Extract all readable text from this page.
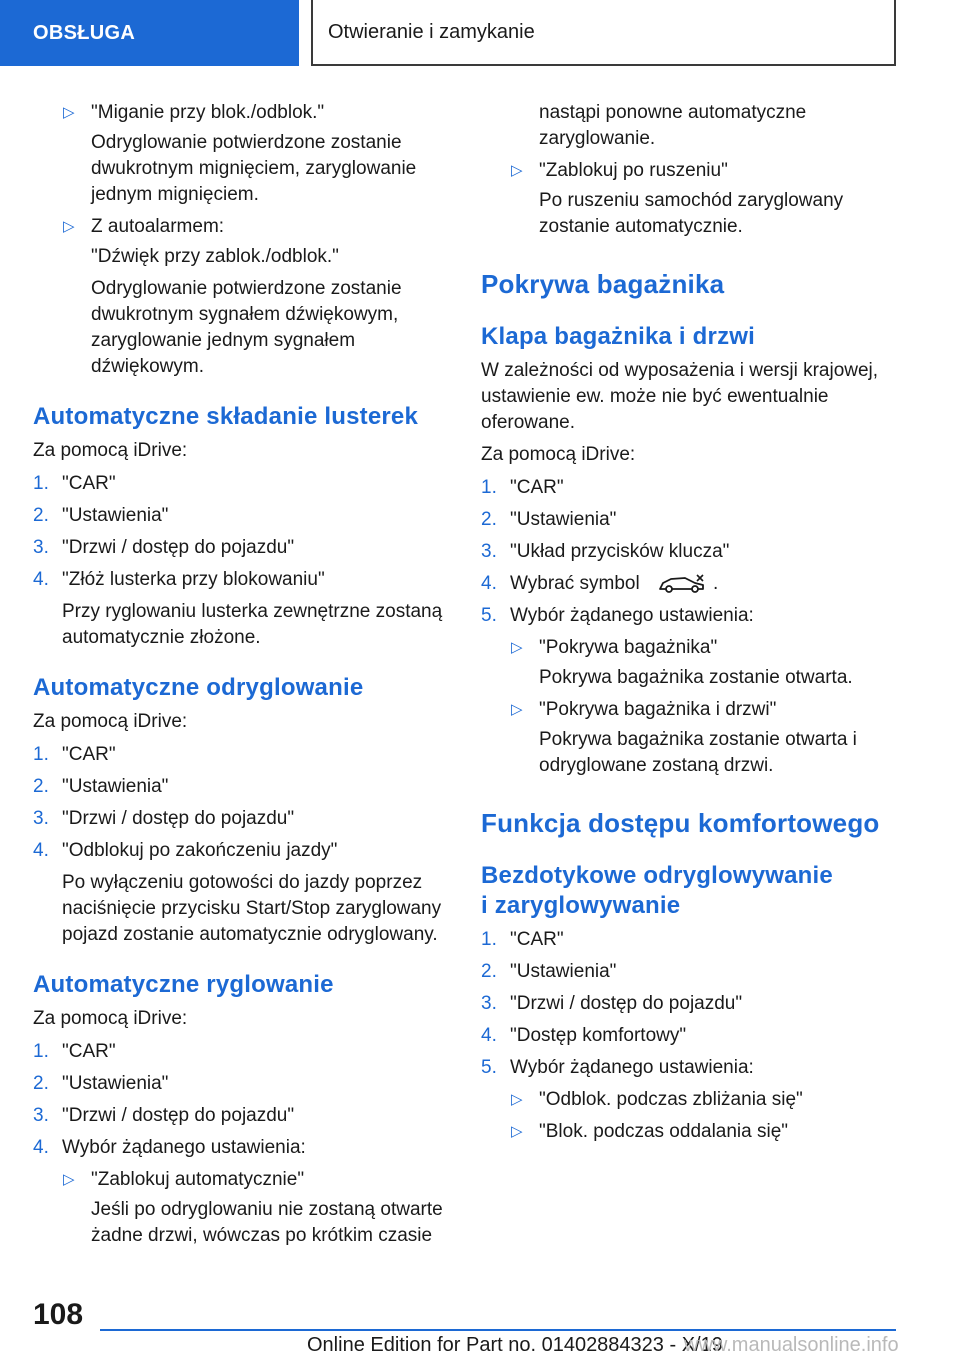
OBSŁUGA	Otwieranie i zamykanie
▷ "Miganie przy blok./odblok."
Odryglowanie potwierdzone zostanie dwukrotnym mignięciem, zaryglowanie jednym mignięciem.
▷ Z autoalarmem:
"Dźwięk przy zablok./odblok."
Odryglowanie potwierdzone zostanie dwukrotnym sygnałem dźwiękowym, zaryglowanie jednym sygnałem dźwiękowym.
Automatyczne składanie lusterek
Za pomocą iDrive:
1. "CAR"
2. "Ustawienia"
3. "Drzwi / dostęp do pojazdu"
4. "Złóż lusterka przy blokowaniu"
Przy ryglowaniu lusterka zewnętrzne zostaną automatycznie złożone.
Automatyczne odryglowanie
Za pomocą iDrive:
1. "CAR"
2. "Ustawienia"
3. "Drzwi / dostęp do pojazdu"
4. "Odblokuj po zakończeniu jazdy"
Po wyłączeniu gotowości do jazdy poprzez naciśnięcie przycisku Start/Stop zaryglowany pojazd zostanie automatycznie odryglowany.
Automatyczne ryglowanie
Za pomocą iDrive:
1. "CAR"
2. "Ustawienia"
3. "Drzwi / dostęp do pojazdu"
4. Wybór żądanego ustawienia:
▷ "Zablokuj automatycznie"
Jeśli po odryglowaniu nie zostaną otwarte żadne drzwi, wówczas po krótkim czasie
nastąpi ponowne automatyczne zaryglowanie.
▷ "Zablokuj po ruszeniu"
Po ruszeniu samochód zaryglowany zostanie automatycznie.
Pokrywa bagażnika
Klapa bagażnika i drzwi
W zależności od wyposażenia i wersji krajowej, ustawienie ew. może nie być ewentualnie oferowane.
Za pomocą iDrive:
1. "CAR"
2. "Ustawienia"
3. "Układ przycisków klucza"
4. Wybrać symbol	.
5. Wybór żądanego ustawienia:
▷ "Pokrywa bagażnika"
Pokrywa bagażnika zostanie otwarta.
▷ "Pokrywa bagażnika i drzwi"
Pokrywa bagażnika zostanie otwarta i odryglowane zostaną drzwi.
Funkcja dostępu komfortowego
Bezdotykowe odryglowywanie
i zaryglowywanie
1. "CAR"
2. "Ustawienia"
3. "Drzwi / dostęp do pojazdu"
4. "Dostęp komfortowy"
5. Wybór żądanego ustawienia:
▷ "Odblok. podczas zbliżania się"
▷ "Blok. podczas oddalania się"
108
Online Edition for Part no. 01402884323 - X/19
www.manualsonline.info
